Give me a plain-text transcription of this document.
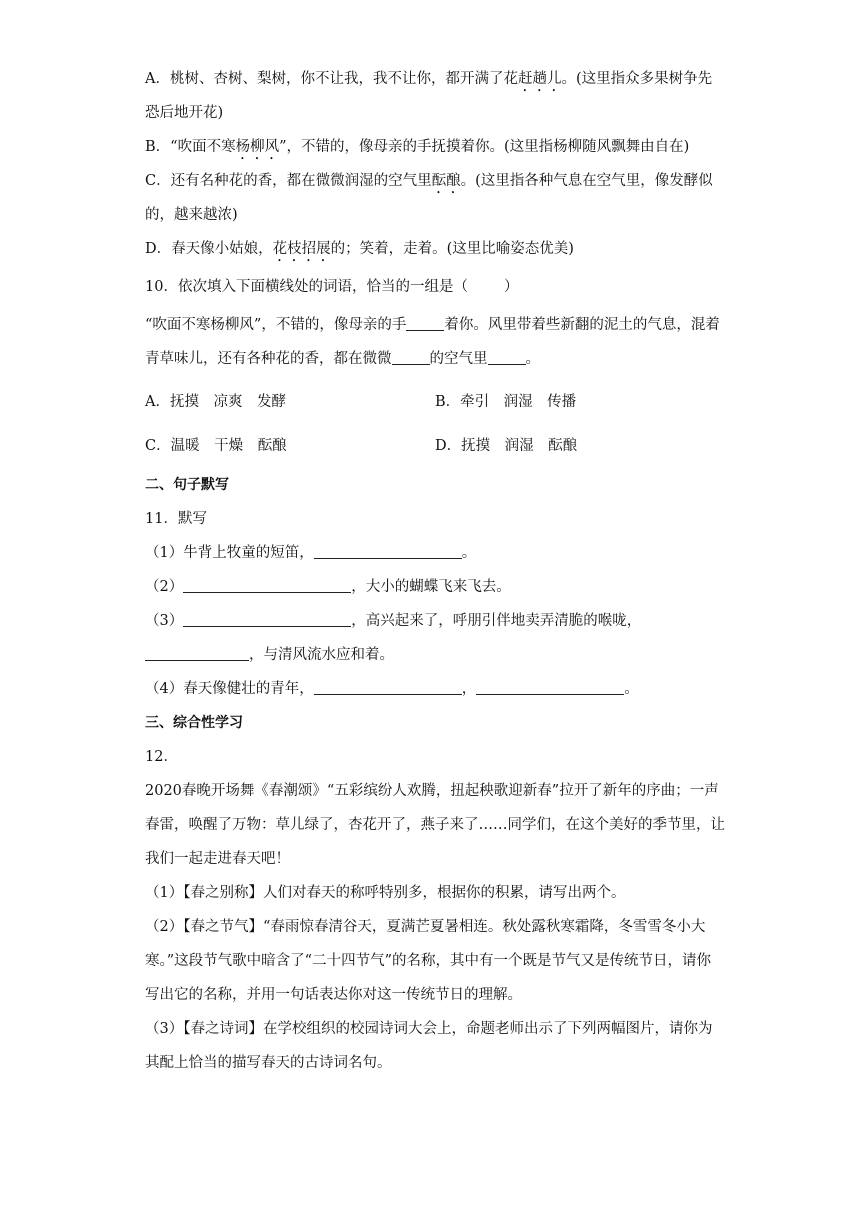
A．桃树、杏树、梨树，你不让我，我不让你，都开满了花赶趟儿。(这里指众多果树争先恐后地开花)

B．“吹面不寒杨柳风”，不错的，像母亲的手抚摸着你。(这里指杨柳随风飘舞由自在)

C．还有名种花的香，都在微微润湿的空气里酝酿。(这里指各种气息在空气里，像发酵似的，越来越浓)

D．春天像小姑娘，花枝招展的；笑着，走着。(这里比喻姿态优美)

10．依次填入下面横线处的词语，恰当的一组是（ ）

“吹面不寒杨柳风”，不错的，像母亲的手	着你。风里带着些新翻的泥土的气息，混着青草味儿，还有各种花的香，都在微微	的空气里	。

A．抚摸　凉爽　发酵	B．牵引　润湿　传播
C．温暖　干燥　酝酿	D．抚摸　润湿　酝酿

二、句子默写

11．默写

（1）牛背上牧童的短笛，	。

（2）	，大小的蝴蝶飞来飞去。

（3）	，高兴起来了，呼朋引伴地卖弄清脆的喉咙，，与清风流水应和着。

（4）春天像健壮的青年，	，	。

三、综合性学习

12．

2020春晚开场舞《春潮颂》“五彩缤纷人欢腾，扭起秧歌迎新春”拉开了新年的序曲；一声春雷，唤醒了万物：草儿绿了，杏花开了，燕子来了……同学们，在这个美好的季节里，让我们一起走进春天吧！

（1）【春之别称】人们对春天的称呼特别多，根据你的积累，请写出两个。

（2）【春之节气】“春雨惊春清谷天，夏满芒夏暑相连。秋处露秋寒霜降，冬雪雪冬小大寒。”这段节气歌中暗含了“二十四节气”的名称，其中有一个既是节气又是传统节日，请你写出它的名称，并用一句话表达你对这一传统节日的理解。

（3）【春之诗词】在学校组织的校园诗词大会上，命题老师出示了下列两幅图片，请你为其配上恰当的描写春天的古诗词名句。
